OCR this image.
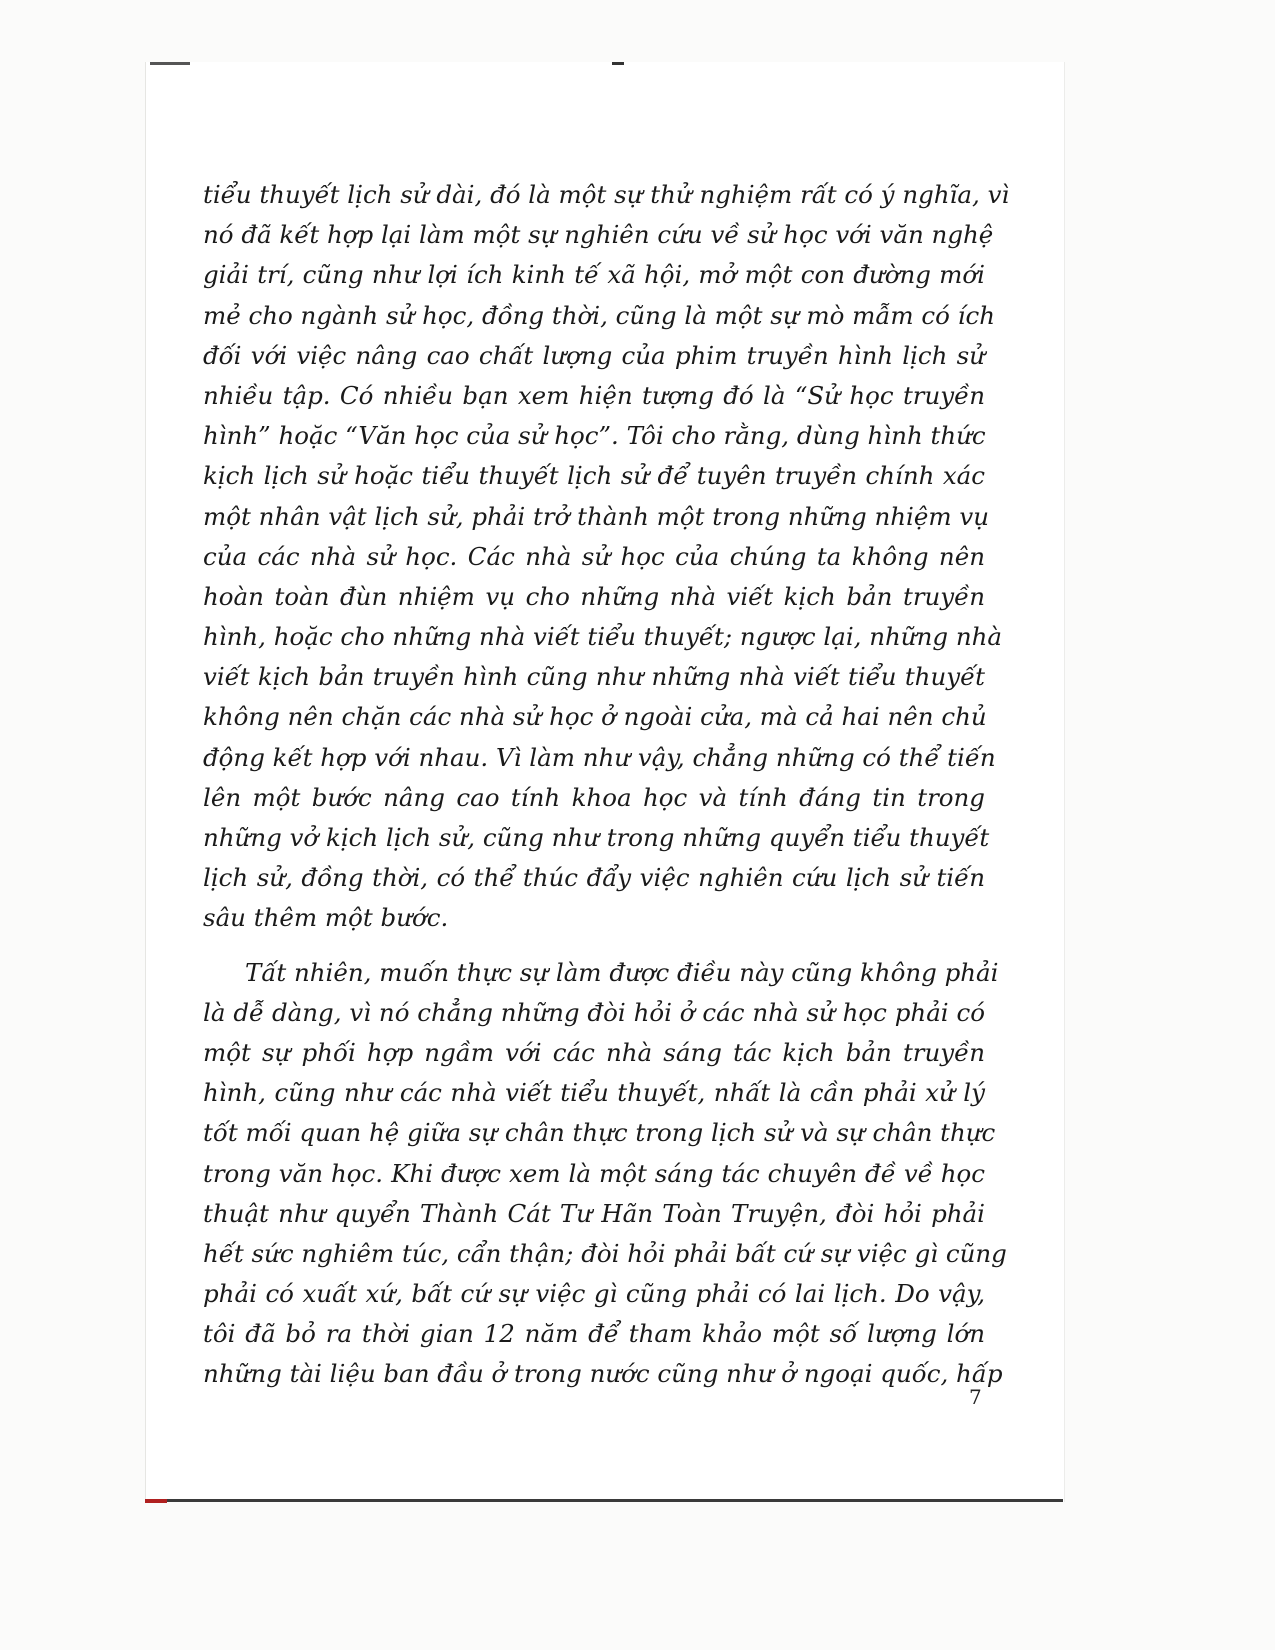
tiểu thuyết lịch sử dài, đó là một sự thử nghiệm rất có ý nghĩa, vì
nó đã kết hợp lại làm một sự nghiên cứu về sử học với văn nghệ
giải trí, cũng như lợi ích kinh tế xã hội, mở một con đường mới
mẻ cho ngành sử học, đồng thời, cũng là một sự mò mẫm có ích
đối với việc nâng cao chất lượng của phim truyền hình lịch sử
nhiều tập. Có nhiều bạn xem hiện tượng đó là “Sử học truyền
hình” hoặc “Văn học của sử học”. Tôi cho rằng, dùng hình thức
kịch lịch sử hoặc tiểu thuyết lịch sử để tuyên truyền chính xác
một nhân vật lịch sử, phải trở thành một trong những nhiệm vụ
của các nhà sử học. Các nhà sử học của chúng ta không nên
hoàn toàn đùn nhiệm vụ cho những nhà viết kịch bản truyền
hình, hoặc cho những nhà viết tiểu thuyết; ngược lại, những nhà
viết kịch bản truyền hình cũng như những nhà viết tiểu thuyết
không nên chặn các nhà sử học ở ngoài cửa, mà cả hai nên chủ
động kết hợp với nhau. Vì làm như vậy, chẳng những có thể tiến
lên một bước nâng cao tính khoa học và tính đáng tin trong
những vở kịch lịch sử, cũng như trong những quyển tiểu thuyết
lịch sử, đồng thời, có thể thúc đẩy việc nghiên cứu lịch sử tiến
sâu thêm một bước.
Tất nhiên, muốn thực sự làm được điều này cũng không phải
là dễ dàng, vì nó chẳng những đòi hỏi ở các nhà sử học phải có
một sự phối hợp ngầm với các nhà sáng tác kịch bản truyền
hình, cũng như các nhà viết tiểu thuyết, nhất là cần phải xử lý
tốt mối quan hệ giữa sự chân thực trong lịch sử và sự chân thực
trong văn học. Khi được xem là một sáng tác chuyên đề về học
thuật như quyển Thành Cát Tư Hãn Toàn Truyện, đòi hỏi phải
hết sức nghiêm túc, cẩn thận; đòi hỏi phải bất cứ sự việc gì cũng
phải có xuất xứ, bất cứ sự việc gì cũng phải có lai lịch. Do vậy,
tôi đã bỏ ra thời gian 12 năm để tham khảo một số lượng lớn
những tài liệu ban đầu ở trong nước cũng như ở ngoại quốc, hấp
7
